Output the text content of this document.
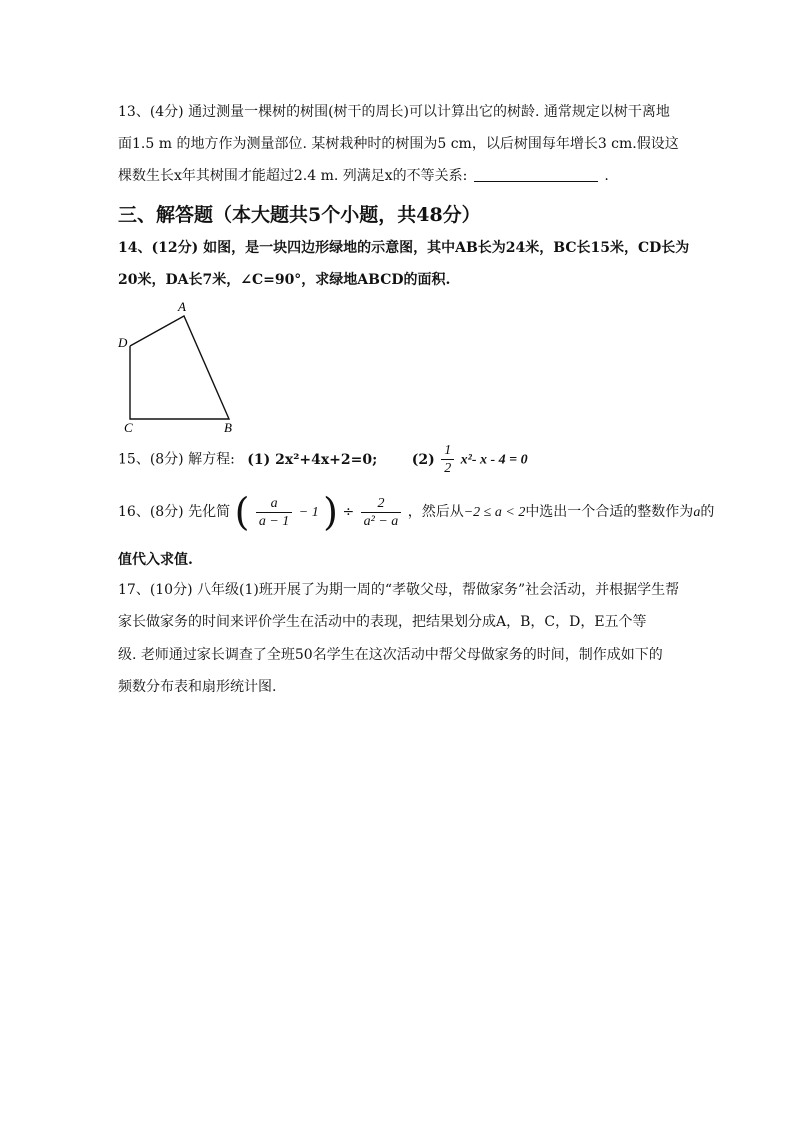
13、(4分) 通过测量一棵树的树围(树干的周长)可以计算出它的树龄. 通常规定以树干离地
面1.5 m 的地方作为测量部位. 某树栽种时的树围为5 cm，以后树围每年增长3 cm.假设这
棵数生长x年其树围才能超过2.4 m. 列满足x的不等关系:	.
三、解答题（本大题共5个小题，共48分）
14、(12分) 如图，是一块四边形绿地的示意图，其中AB长为24米，BC长15米，CD长为
20米，DA长7米，∠C=90°，求绿地ABCD的面积.
A
D
C	B
15、(8分) 解方程: (1) 2x²+4x+2=0; $(2) \frac{1}{2} x^2-$ x - 4 = 0
16、(8分) 先化简 ( $\frac{a}{a - 1} - 1$ ) ÷ $\frac{2}{\text{a² − a}}$ ，然后从−2 ≤ a < 2中选出一个合适的整数作为a的
值代入求值.
17、(10分) 八年级(1)班开展了为期一周的“孝敬父母，帮做家务”社会活动，并根据学生帮
家长做家务的时间来评价学生在活动中的表现，把结果划分成A，B，C，D，E五个等
级. 老师通过家长调查了全班50名学生在这次活动中帮父母做家务的时间，制作成如下的
频数分布表和扇形统计图.
